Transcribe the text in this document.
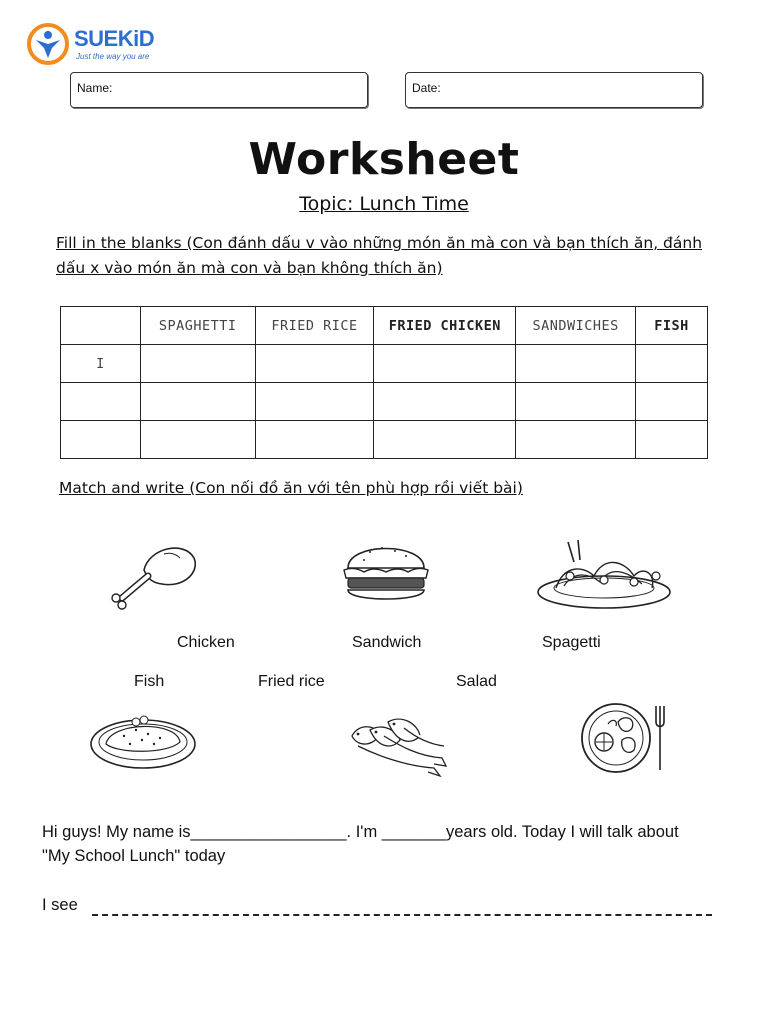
SUEKiD
Just the way you are
Name:	Date:
Worksheet
Topic: Lunch Time
Fill in the blanks (Con đánh dấu v vào những món ăn mà con và bạn thích ăn, đánh dấu x vào món ăn mà con và bạn không thích ăn)
	SPAGHETTI	FRIED RICE	FRIED CHICKEN	SANDWICHES	FISH
I					

Match and write (Con nối đồ ăn với tên phù hợp rồi viết bài)
Chicken	Sandwich	Spagetti
Fish	Fried rice	Salad
Hi guys! My name is_________________. I'm _______years old. Today I will talk about "My School Lunch" today
I see
